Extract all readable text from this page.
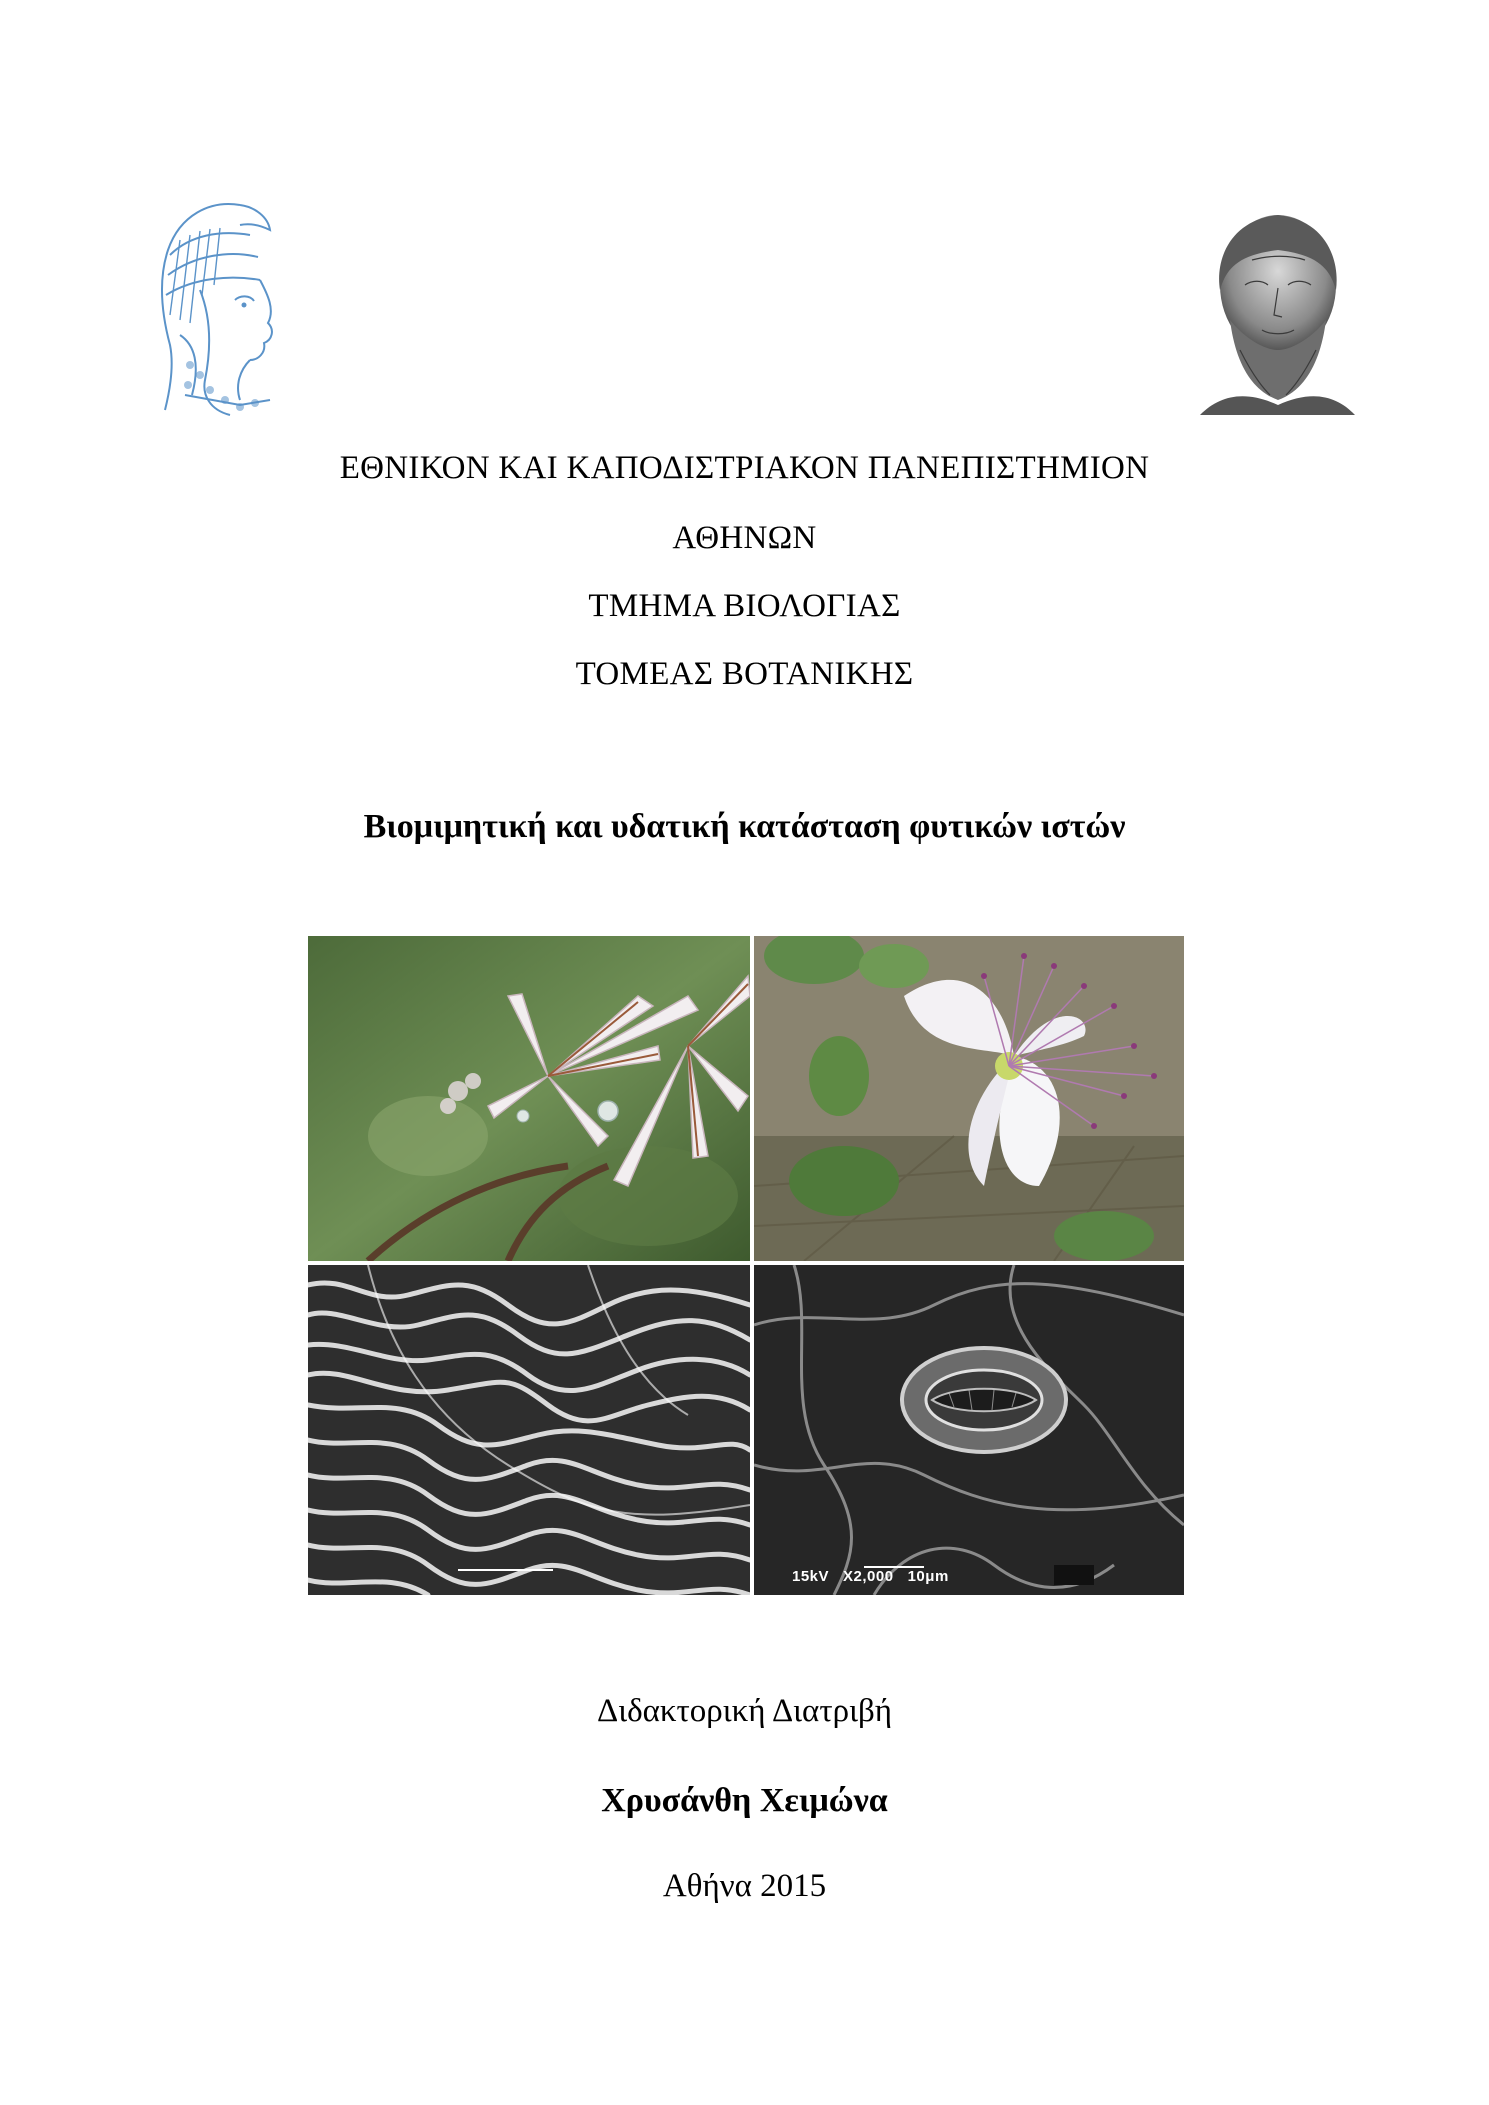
ΕΘΝΙΚΟΝ ΚΑΙ ΚΑΠΟΔΙΣΤΡΙΑΚΟΝ ΠΑΝΕΠΙΣΤΗΜΙΟΝ
ΑΘΗΝΩΝ
ΤΜΗΜΑ ΒΙΟΛΟΓΙΑΣ
ΤΟΜΕΑΣ ΒΟΤΑΝΙΚΗΣ
Βιομιμητική και υδατική κατάσταση φυτικών ιστών
15kV   X2,000   10μm
Διδακτορική Διατριβή
Χρυσάνθη Χειμώνα
Αθήνα 2015
